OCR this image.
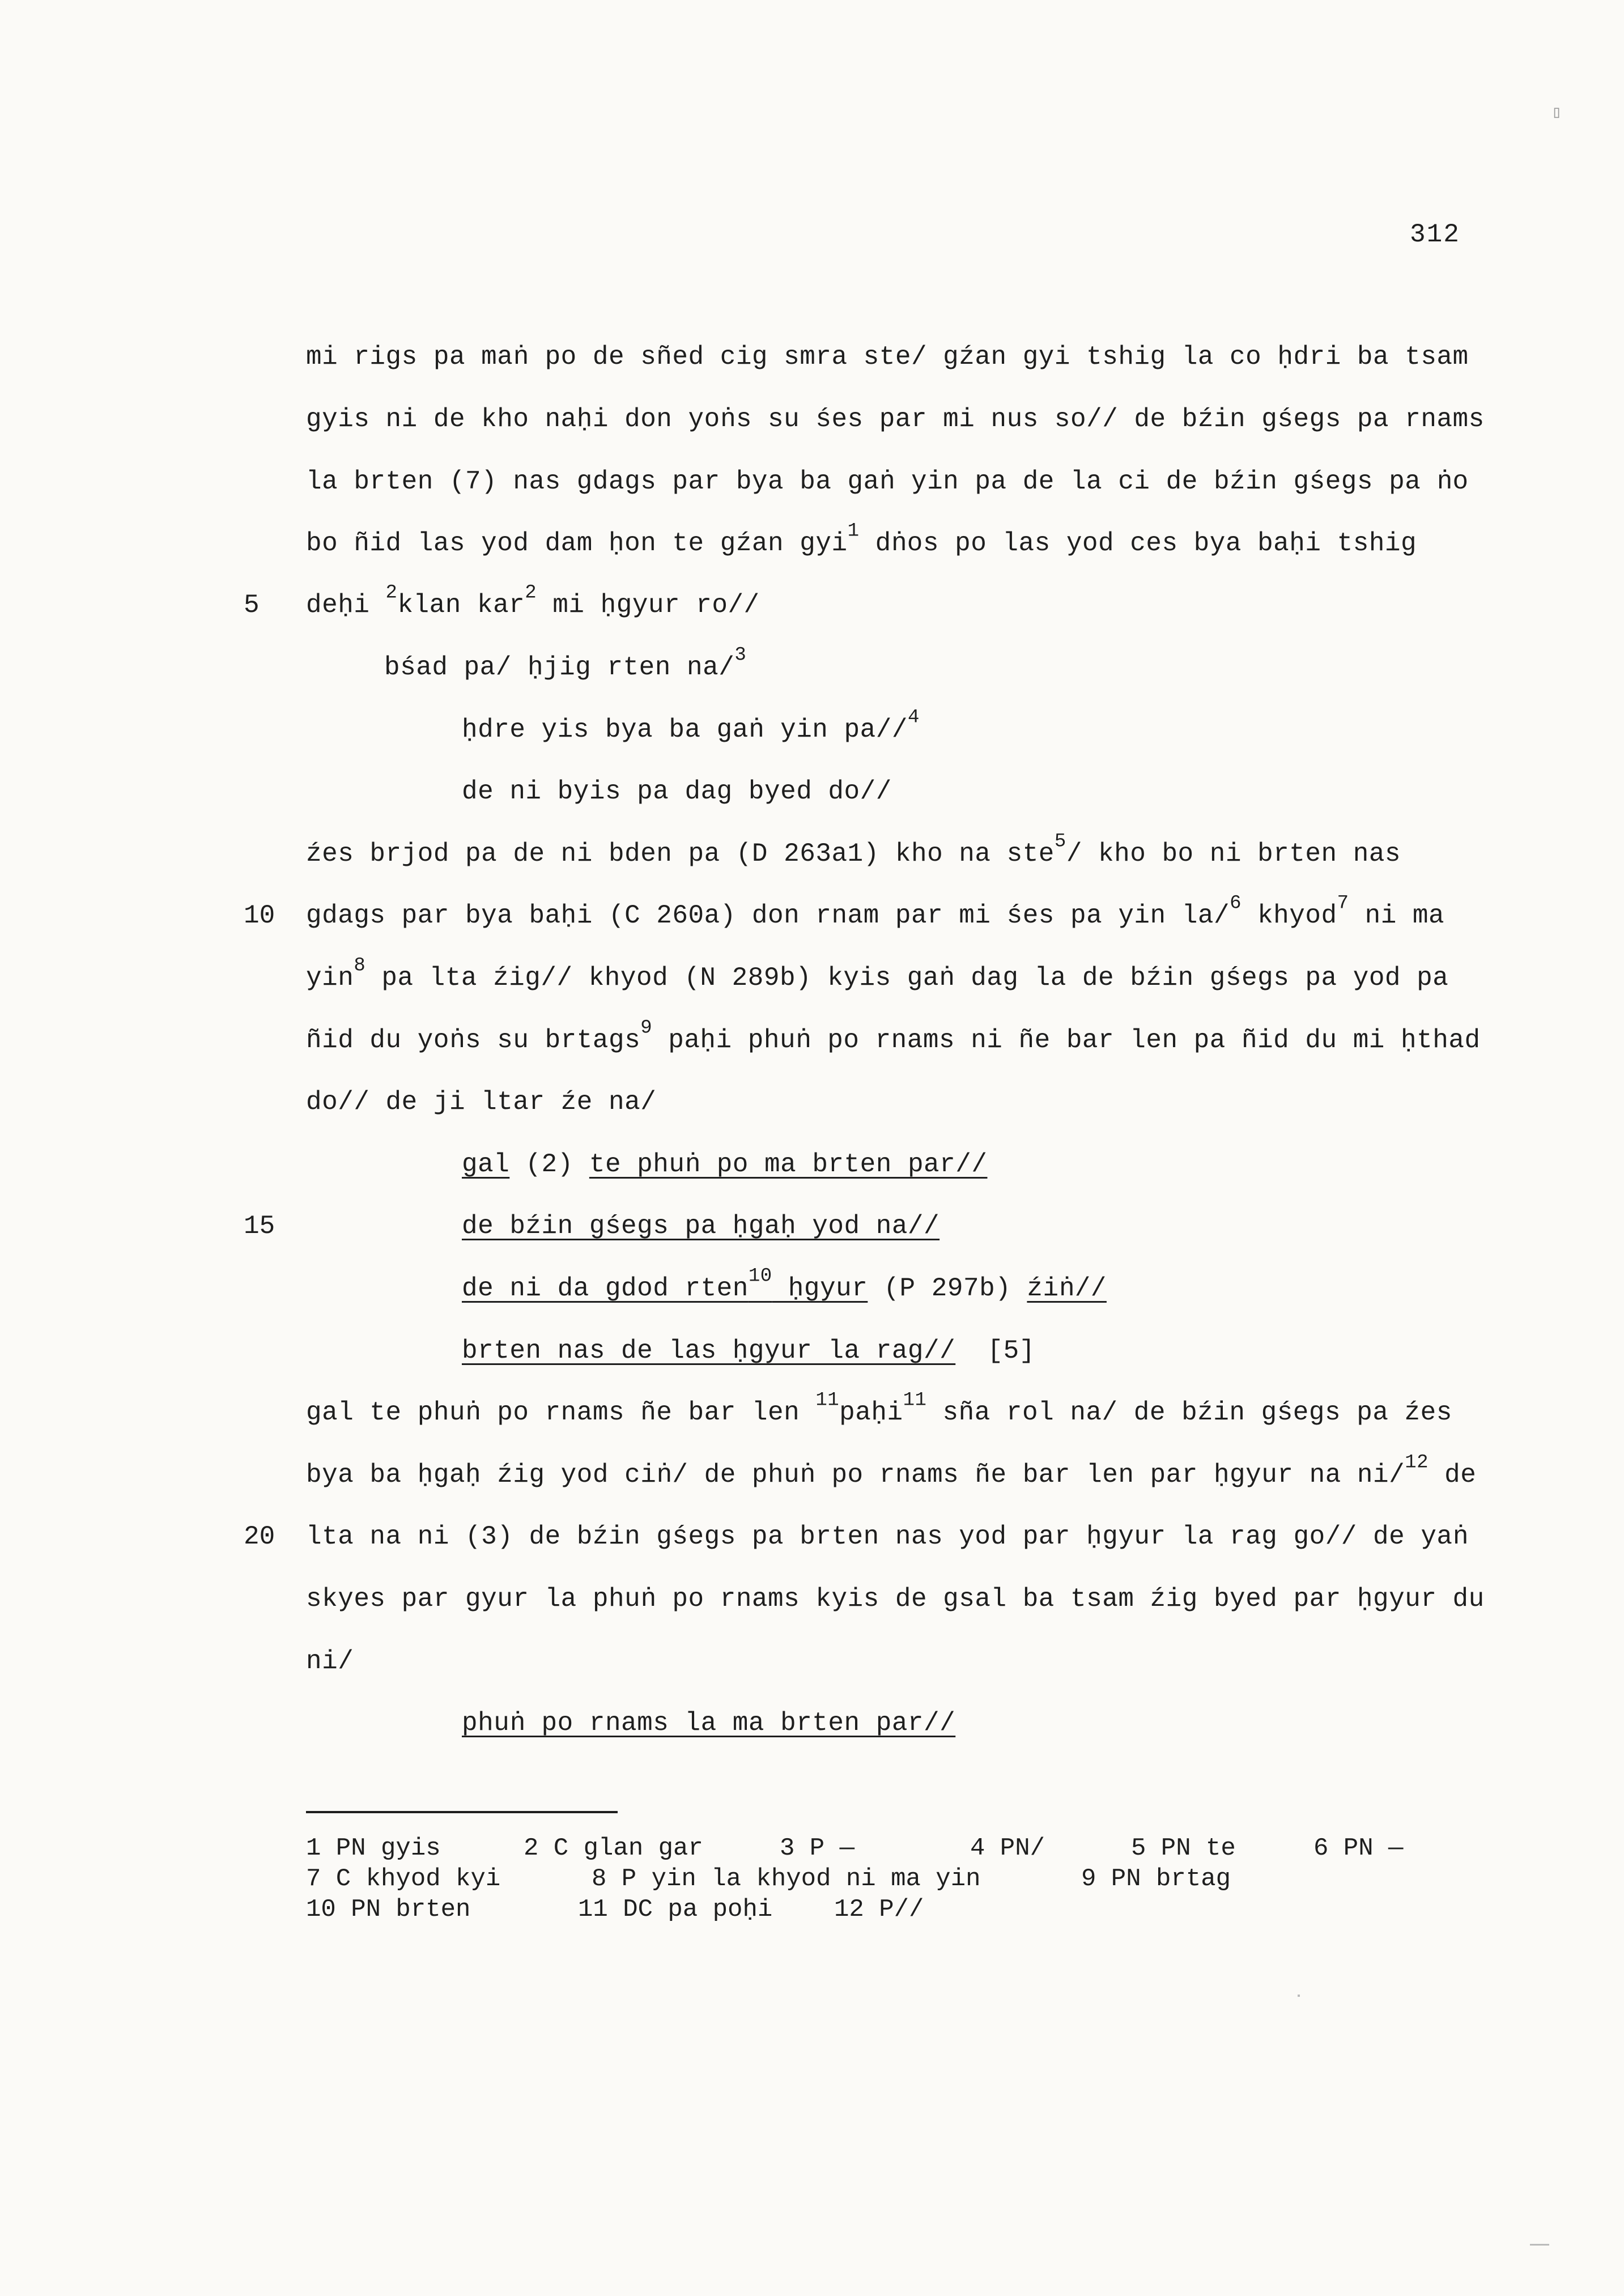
312
▯
5
10
15
20
mi rigs pa maṅ po de sñed cig smra ste/ gźan gyi tshig la co ḥdri ba tsam
gyis ni de kho naḥi don yoṅs su śes par mi nus so// de bźin gśegs pa rnams
la brten (7) nas gdags par bya ba gaṅ yin pa de la ci de bźin gśegs pa ṅo
bo ñid las yod dam ḥon te gźan gyi$^1$ dṅos po las yod ces bya baḥi tshig
deḥi $^2$klan kar$^2$ mi ḥgyur ro//
bśad pa/ ḥjig rten na/$^3$
ḥdre yis bya ba gaṅ yin pa//$^4$
de ni byis pa dag byed do//
źes brjod pa de ni bden pa (D 263a1) kho na ste$^5$/ kho bo ni brten nas
gdags par bya baḥi (C 260a) don rnam par mi śes pa yin la/$^6$ khyod$^7$ ni ma
yin$^8$ pa lta źig// khyod (N 289b) kyis gaṅ dag la de bźin gśegs pa yod pa
ñid du yoṅs su brtags$^9$ paḥi phuṅ po rnams ni ñe bar len pa ñid du mi ḥthad
do// de ji ltar źe na/
gal (2) te phuṅ po ma brten par//
de bźin gśegs pa ḥgaḥ yod na//
de ni da gdod rten$^{10}$ ḥgyur (P 297b) źiṅ//
brten nas de las ḥgyur la rag//  [5]
gal te phuṅ po rnams ñe bar len $^{11}$paḥi$^{11}$ sña rol na/ de bźin gśegs pa źes
bya ba ḥgaḥ źig yod ciṅ/ de phuṅ po rnams ñe bar len par ḥgyur na ni/$^{12}$ de
lta na ni (3) de bźin gśegs pa brten nas yod par ḥgyur la rag go// de yaṅ
skyes par gyur la phuṅ po rnams kyis de gsal ba tsam źig byed par ḥgyur du
ni/
phuṅ po rnams la ma brten par//
1 PN gyis	2 C glan gar	3 P —	4 PN/	5 PN te	6 PN —
7 C khyod kyi	8 P yin la khyod ni ma yin	9 PN brtag
10 PN brten	11 DC pa poḥi 12 P//
